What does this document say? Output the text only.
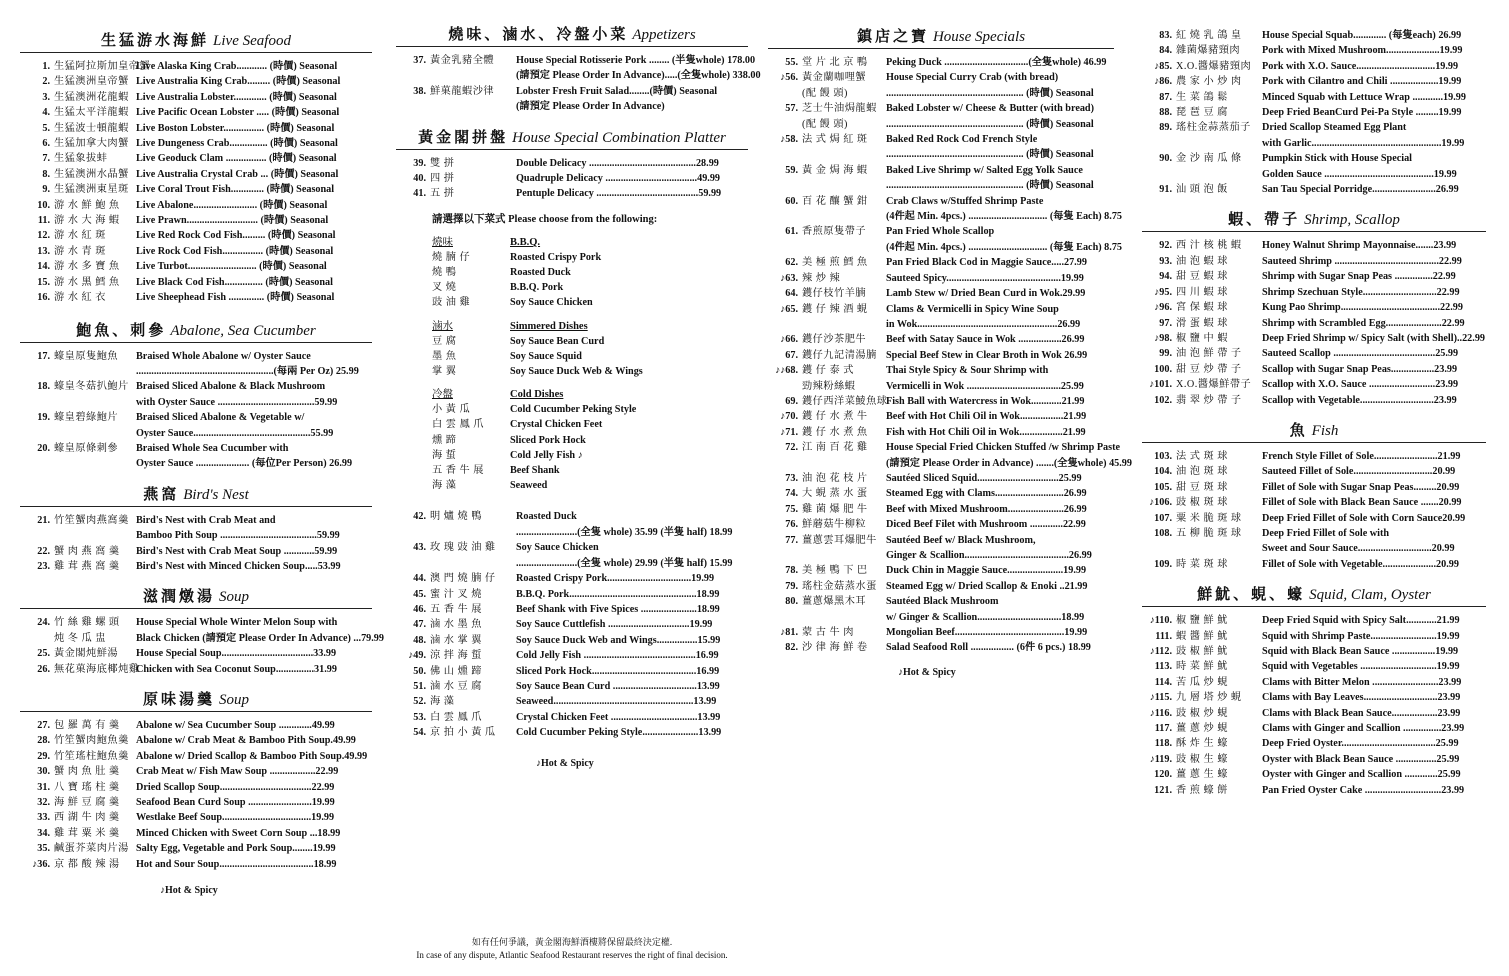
生猛游水海鮮 Live Seafood
1. 生猛阿拉斯加皇帝蟹
Live Alaska King Crab............ (時價) Seasonal
2. 生猛澳洲皇帝蟹 Live Australia King Crab......... (時價) Seasonal
3. 生猛澳洲花龍蝦 Live Australia Lobster............. (時價) Seasonal
4. 生猛太平洋龍蝦 Live Pacific Ocean Lobster ..... (時價) Seasonal
5. 生猛波士頓龍蝦 Live Boston Lobster................ (時價) Seasonal
6. 生猛加拿大肉蟹 Live Dungeness Crab............... (時價) Seasonal
7. 生猛象拔蚌	Live Geoduck Clam ................ (時價) Seasonal
8. 生猛澳洲水晶蟹 Live Australia Crystal Crab ... (時價) Seasonal
9. 生猛澳洲東星斑 Live Coral Trout Fish............. (時價) Seasonal
10. 游 水 鮮 鮑 魚	Live Abalone......................... (時價) Seasonal
11. 游 水 大 海 蝦	Live Prawn............................ (時價) Seasonal
12. 游 水 紅 斑	Live Red Rock Cod Fish......... (時價) Seasonal
13. 游 水 青 斑	Live Rock Cod Fish................ (時價) Seasonal
14. 游 水 多 寶 魚	Live Turbot........................... (時價) Seasonal
15. 游 水 黑 鱈 魚	Live Black Cod Fish............... (時價) Seasonal
16. 游 水 紅 衣	Live Sheephead Fish .............. (時價) Seasonal
鮑魚、刺參 Abalone, Sea Cucumber
17. 蠔皇原隻鮑魚	Braised Whole Abalone w/ Oyster Sauce
......................................................(每兩 Per Oz) 25.99
18. 蠔皇冬菇扒鮑片 Braised Sliced Abalone & Black Mushroom
with Oyster Sauce ......................................59.99
19. 蠔皇碧綠鮑片	Braised Sliced Abalone & Vegetable w/
Oyster Sauce..............................................55.99
20. 蠔皇原條刺參	Braised Whole Sea Cucumber with
Oyster Sauce ..................... (每位Per Person) 26.99
燕窩 Bird's Nest
21. 竹笙蟹肉燕窩羹 Bird's Nest with Crab Meat and
Bamboo Pith Soup ......................................59.99
22. 蟹 肉 燕 窩 羹	Bird's Nest with Crab Meat Soup ............59.99
23. 雞 茸 燕 窩 羹	Bird's Nest with Minced Chicken Soup.....53.99
滋潤燉湯 Soup
24. 竹 絲 雞 螺 頭	House Special Whole Winter Melon Soup with
炖 冬 瓜 盅	Black Chicken (請預定 Please Order In Advance) ...79.99
25. 黃金閣炖鮮湯	House Special Soup....................................33.99
26. 無花菓海底椰炖雞
Chicken with Sea Coconut Soup...............31.99
原味湯羹 Soup
27. 包 羅 萬 有 羹	Abalone w/ Sea Cucumber Soup .............49.99
28. 竹笙蟹肉鮑魚羹 Abalone w/ Crab Meat & Bamboo Pith Soup.49.99
29. 竹笙瑤柱鮑魚羹 Abalone w/ Dried Scallop & Bamboo Pith Soup.49.99
30. 蟹 肉 魚 肚 羹	Crab Meat w/ Fish Maw Soup ..................22.99
31. 八 寶 瑤 柱 羹	Dried Scallop Soup....................................22.99
32. 海 鮮 豆 腐 羹	Seafood Bean Curd Soup .........................19.99
33. 西 湖 牛 肉 羹	Westlake Beef Soup...................................19.99
34. 雞 茸 粟 米 羹	Minced Chicken with Sweet Corn Soup ...18.99
35. 鹹蛋芥菜肉片湯 Salty Egg, Vegetable and Pork Soup........19.99
♪36. 京 都 酸 辣 湯	Hot and Sour Soup.....................................18.99
♪Hot & Spicy
燒味、滷水、冷盤小菜 Appetizers
37. 黃金乳豬全體	House Special Rotisserie Pork ........ (半隻whole) 178.00
(請預定 Please Order In Advance).....(全隻whole) 338.00
38. 鮮菓龍蝦沙律	Lobster Fresh Fruit Salad........(時價) Seasonal
(請預定 Please Order In Advance)
黃金閣拼盤 House Special Combination Platter
39. 雙 拼	Double Delicacy ..........................................28.99
40. 四 拼	Quadruple Delicacy ....................................49.99
41. 五 拼	Pentuple Delicacy ........................................59.99
請選擇以下菜式 Please choose from the following:
燒味	B.B.Q.
燒 腩 仔	Roasted Crispy Pork
燒 鴨	Roasted Duck
叉 燒	B.B.Q. Pork
豉 油 雞	Soy Sauce Chicken
滷水	Simmered Dishes
豆 腐	Soy Sauce Bean Curd
墨 魚	Soy Sauce Squid
掌 翼	Soy Sauce Duck Web & Wings
冷盤	Cold Dishes
小 黃 瓜	Cold Cucumber Peking Style
白 雲 鳳 爪	Crystal Chicken Feet
燻 蹄	Sliced Pork Hock
海 蜇	Cold Jelly Fish ♪
五 香 牛 展	Beef Shank
海 藻	Seaweed
42. 明 爐 燒 鴨	Roasted Duck
........................(全隻 whole) 35.99 (半隻 half) 18.99
43. 玫 瑰 豉 油 雞	Soy Sauce Chicken
........................(全隻 whole) 29.99 (半隻 half) 15.99
44. 澳 門 燒 腩 仔	Roasted Crispy Pork.................................19.99
45. 蜜 汁 叉 燒	B.B.Q. Pork..................................................18.99
46. 五 香 牛 展	Beef Shank with Five Spices ......................18.99
47. 滷 水 墨 魚	Soy Sauce Cuttlefish ................................19.99
48. 滷 水 掌 翼	Soy Sauce Duck Web and Wings................15.99
♪49. 涼 拌 海 蜇	Cold Jelly Fish ............................................16.99
50. 佛 山 燻 蹄	Sliced Pork Hock.........................................16.99
51. 滷 水 豆 腐	Soy Sauce Bean Curd .................................13.99
52. 海 藻	Seaweed.......................................................13.99
53. 白 雲 鳳 爪	Crystal Chicken Feet ..................................13.99
54. 京 拍 小 黃 瓜	Cold Cucumber Peking Style......................13.99
♪Hot & Spicy
鎮店之寶 House Specials
55. 堂 片 北 京 鴨	Peking Duck .................................(全隻whole) 46.99
♪56. 黃金蘭咖哩蟹	House Special Curry Crab (with bread)
(配 饅 頭)	...................................................... (時價) Seasonal
57. 芝士牛油焗龍蝦 Baked Lobster w/ Cheese & Butter (with bread)
(配 饅 頭)	...................................................... (時價) Seasonal
♪58. 法 式 焗 紅 斑	Baked Red Rock Cod French Style
...................................................... (時價) Seasonal
59. 黃 金 焗 海 蝦	Baked Live Shrimp w/ Salted Egg Yolk Sauce
...................................................... (時價) Seasonal
60. 百 花 釀 蟹 鉗	Crab Claws w/Stuffed Shrimp Paste
(4件起 Min. 4pcs.) ............................... (每隻 Each) 8.75
61. 香煎原隻帶子	Pan Fried Whole Scallop
(4件起 Min. 4pcs.) ............................... (每隻 Each) 8.75
62. 美 極 煎 鱈 魚	Pan Fried Black Cod in Maggie Sauce.....27.99
♪63. 辣 炒 辣	Sauteed Spicy.............................................19.99
64. 鑊仔枝竹羊腩	Lamb Stew w/ Dried Bean Curd in Wok.29.99
♪65. 鑊 仔 辣 酒 蜆	Clams & Vermicelli in Spicy Wine Soup
in Wok.......................................................26.99
♪66. 鑊仔沙茶肥牛	Beef with Satay Sauce in Wok .................26.99
67. 鑊仔九記清湯腩 Special Beef Stew in Clear Broth in Wok 26.99
♪♪68. 鑊 仔 泰 式	Thai Style Spicy & Sour Shrimp with
勁辣粉絲蝦	Vermicelli in Wok .....................................25.99
69. 鑊仔西洋菜鯪魚球
Fish Ball with Watercress in Wok............21.99
♪70. 鑊 仔 水 煮 牛	Beef with Hot Chili Oil in Wok.................21.99
♪71. 鑊 仔 水 煮 魚	Fish with Hot Chili Oil in Wok.................21.99
72. 江 南 百 花 雞	House Special Fried Chicken Stuffed /w Shrimp Paste
(請預定 Please Order in Advance) .......(全隻whole) 45.99
73. 油 泡 花 枝 片	Sautéed Sliced Squid................................25.99
74. 大 蜆 蒸 水 蛋	Steamed Egg with Clams...........................26.99
75. 雞 菌 爆 肥 牛	Beef with Mixed Mushroom......................26.99
76. 鮮蘑菇牛柳粒	Diced Beef Filet with Mushroom .............22.99
77. 薑蔥雲耳爆肥牛 Sautéed Beef w/ Black Mushroom,
Ginger & Scallion.........................................26.99
78. 美 極 鴨 下 巴	Duck Chin in Maggie Sauce......................19.99
79. 瑤柱金菇蒸水蛋 Steamed Egg w/ Dried Scallop & Enoki ..21.99
80. 薑蔥爆黑木耳	Sautéed Black Mushroom
w/ Ginger & Scallion.................................18.99
♪81. 蒙 古 牛 肉	Mongolian Beef...........................................19.99
82. 沙 律 海 鮮 卷	Salad Seafood Roll ................. (6件 6 pcs.) 18.99
♪Hot & Spicy
83. 紅 燒 乳 鴿 皇	House Special Squab............. (每隻each) 26.99
84. 雜菌爆豬頸肉	Pork with Mixed Mushroom.....................19.99
♪85. X.O.醬爆豬頸肉	Pork with X.O. Sauce...............................19.99
♪86. 農 家 小 炒 肉	Pork with Cilantro and Chili ...................19.99
87. 生 菜 鴿 鬆	Minced Squab with Lettuce Wrap ............19.99
88. 琵 琶 豆 腐	Deep Fried BeanCurd Pei-Pa Style .........19.99
89. 瑤柱金蒜蒸茄子	Dried Scallop Steamed Egg Plant
with Garlic...................................................19.99
90. 金 沙 南 瓜 條	Pumpkin Stick with House Special
Golden Sauce ...........................................19.99
91. 汕 頭 泡 飯	San Tau Special Porridge.........................26.99
蝦、帶子 Shrimp, Scallop
92. 西 汁 核 桃 蝦	Honey Walnut Shrimp Mayonnaise.......23.99
93. 油 泡 蝦 球	Sauteed Shrimp .........................................22.99
94. 甜 豆 蝦 球	Shrimp with Sugar Snap Peas ...............22.99
♪95. 四 川 蝦 球	Shrimp Szechuan Style.............................22.99
♪96. 宮 保 蝦 球	Kung Pao Shrimp.......................................22.99
97. 滑 蛋 蝦 球	Shrimp with Scrambled Egg......................22.99
♪98. 椒 鹽 中 蝦	Deep Fried Shrimp w/ Spicy Salt (with Shell)..22.99
99. 油 泡 鮮 帶 子	Sauteed Scallop ........................................25.99
100. 甜 豆 炒 帶 子	Scallop with Sugar Snap Peas.................23.99
♪101. X.O.醬爆鮮帶子	Scallop with X.O. Sauce ..........................23.99
102. 翡 翠 炒 帶 子	Scallop with Vegetable.............................23.99
魚 Fish
103. 法 式 斑 球	French Style Fillet of Sole.........................21.99
104. 油 泡 斑 球	Sauteed Fillet of Sole...............................20.99
105. 甜 豆 斑 球	Fillet of Sole with Sugar Snap Peas.........20.99
♪106. 豉 椒 斑 球	Fillet of Sole with Black Bean Sauce .......20.99
107. 粟 米 脆 斑 球	Deep Fried Fillet of Sole with Corn Sauce20.99
108. 五 柳 脆 斑 球	Deep Fried Fillet of Sole with
Sweet and Sour Sauce.............................20.99
109. 時 菜 斑 球	Fillet of Sole with Vegetable.....................20.99
鮮魷、蜆、蠔 Squid, Clam, Oyster
♪110. 椒 鹽 鮮 魷	Deep Fried Squid with Spicy Salt............21.99
111. 蝦 醬 鮮 魷	Squid with Shrimp Paste..........................19.99
♪112. 豉 椒 鮮 魷	Squid with Black Bean Sauce .................19.99
113. 時 菜 鮮 魷	Squid with Vegetables ..............................19.99
114. 苦 瓜 炒 蜆	Clams with Bitter Melon ..........................23.99
♪115. 九 層 塔 炒 蜆	Clams with Bay Leaves.............................23.99
♪116. 豉 椒 炒 蜆	Clams with Black Bean Sauce..................23.99
117. 薑 蔥 炒 蜆	Clams with Ginger and Scallion ...............23.99
118. 酥 炸 生 蠔	Deep Fried Oyster.....................................25.99
♪119. 豉 椒 生 蠔	Oyster with Black Bean Sauce ................25.99
120. 薑 蔥 生 蠔	Oyster with Ginger and Scallion .............25.99
121. 香 煎 蠔 餅	Pan Fried Oyster Cake ..............................23.99
如有任何爭議，黃金閣海鮮酒樓將保留最終決定權.
In case of any dispute, Atlantic Seafood Restaurant reserves the right of final decision.
